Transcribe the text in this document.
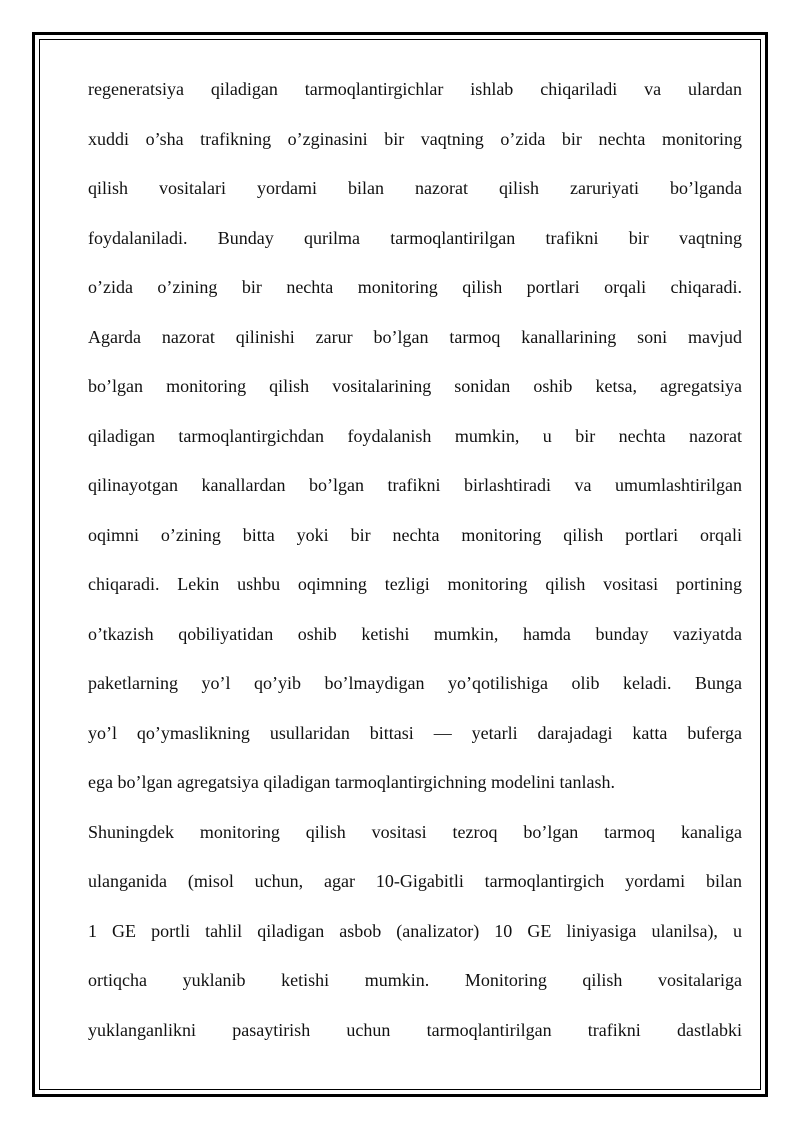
regeneratsiya qiladigan tarmoqlantirgichlar ishlab chiqariladi va ulardan
xuddi o’sha trafikning o’zginasini bir vaqtning o’zida bir nechta monitoring
qilish vositalari yordami bilan nazorat qilish zaruriyati bo’lganda
foydalaniladi. Bunday qurilma tarmoqlantirilgan trafikni bir vaqtning
o’zida o’zining bir nechta monitoring qilish portlari orqali chiqaradi.
Agarda nazorat qilinishi zarur bo’lgan tarmoq kanallarining soni mavjud
bo’lgan monitoring qilish vositalarining sonidan oshib ketsa, agregatsiya
qiladigan tarmoqlantirgichdan foydalanish mumkin, u bir nechta nazorat
qilinayotgan kanallardan bo’lgan trafikni birlashtiradi va umumlashtirilgan
oqimni o’zining bitta yoki bir nechta monitoring qilish portlari orqali
chiqaradi. Lekin ushbu oqimning tezligi monitoring qilish vositasi portining
o’tkazish qobiliyatidan oshib ketishi mumkin, hamda bunday vaziyatda
paketlarning yo’l qo’yib bo’lmaydigan yo’qotilishiga olib keladi. Bunga
yo’l qo’ymaslikning usullaridan bittasi — yetarli darajadagi katta buferga
ega bo’lgan agregatsiya qiladigan tarmoqlantirgichning modelini tanlash.
Shuningdek monitoring qilish vositasi tezroq bo’lgan tarmoq kanaliga
ulanganida (misol uchun, agar 10-Gigabitli tarmoqlantirgich yordami bilan
1 GE portli tahlil qiladigan asbob (analizator) 10 GE liniyasiga ulanilsa), u
ortiqcha yuklanib ketishi mumkin. Monitoring qilish vositalariga
yuklanganlikni pasaytirish uchun tarmoqlantirilgan trafikni dastlabki
